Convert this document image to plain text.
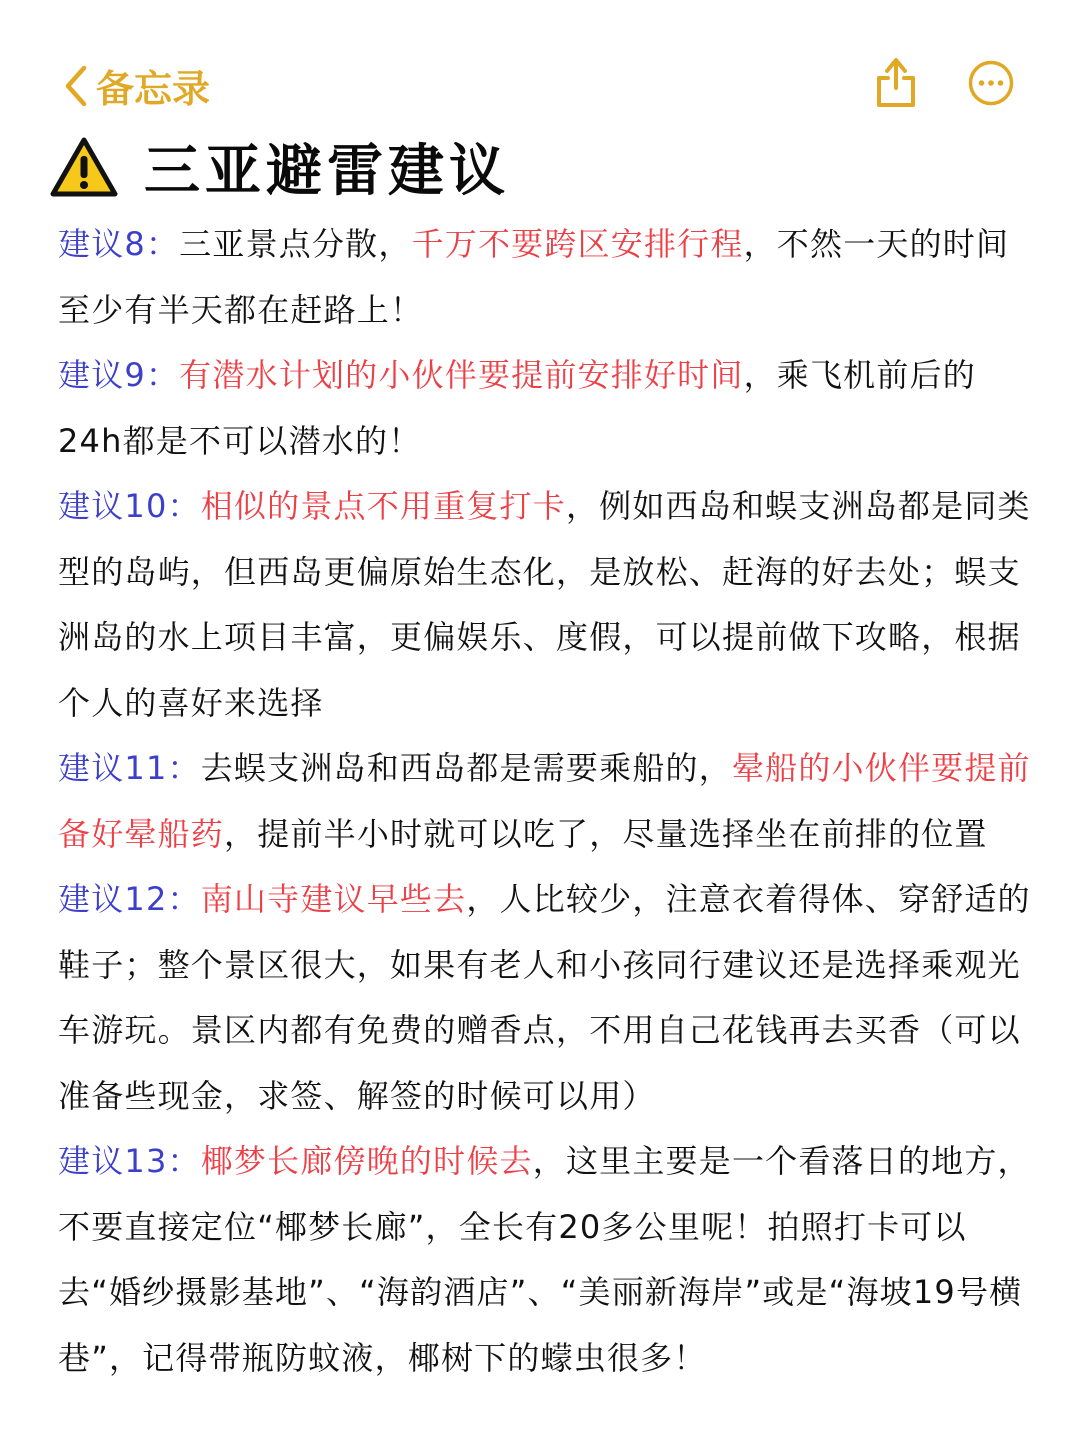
备忘录
三亚避雷建议

建议8：三亚景点分散，千万不要跨区安排行程，不然一天的时间至少有半天都在赶路上！

建议9：有潜水计划的小伙伴要提前安排好时间，乘飞机前后的24h都是不可以潜水的！

建议10：相似的景点不用重复打卡，例如西岛和蜈支洲岛都是同类型的岛屿，但西岛更偏原始生态化，是放松、赶海的好去处；蜈支洲岛的水上项目丰富，更偏娱乐、度假，可以提前做下攻略，根据个人的喜好来选择

建议11：去蜈支洲岛和西岛都是需要乘船的，晕船的小伙伴要提前备好晕船药，提前半小时就可以吃了，尽量选择坐在前排的位置

建议12：南山寺建议早些去，人比较少，注意衣着得体、穿舒适的鞋子；整个景区很大，如果有老人和小孩同行建议还是选择乘观光车游玩。景区内都有免费的赠香点，不用自己花钱再去买香（可以准备些现金，求签、解签的时候可以用）

建议13：椰梦长廊傍晚的时候去，这里主要是一个看落日的地方，不要直接定位“椰梦长廊”，全长有20多公里呢！拍照打卡可以去“婚纱摄影基地”、“海韵酒店”、“美丽新海岸”或是“海坡19号横巷”，记得带瓶防蚊液，椰树下的蠓虫很多！
